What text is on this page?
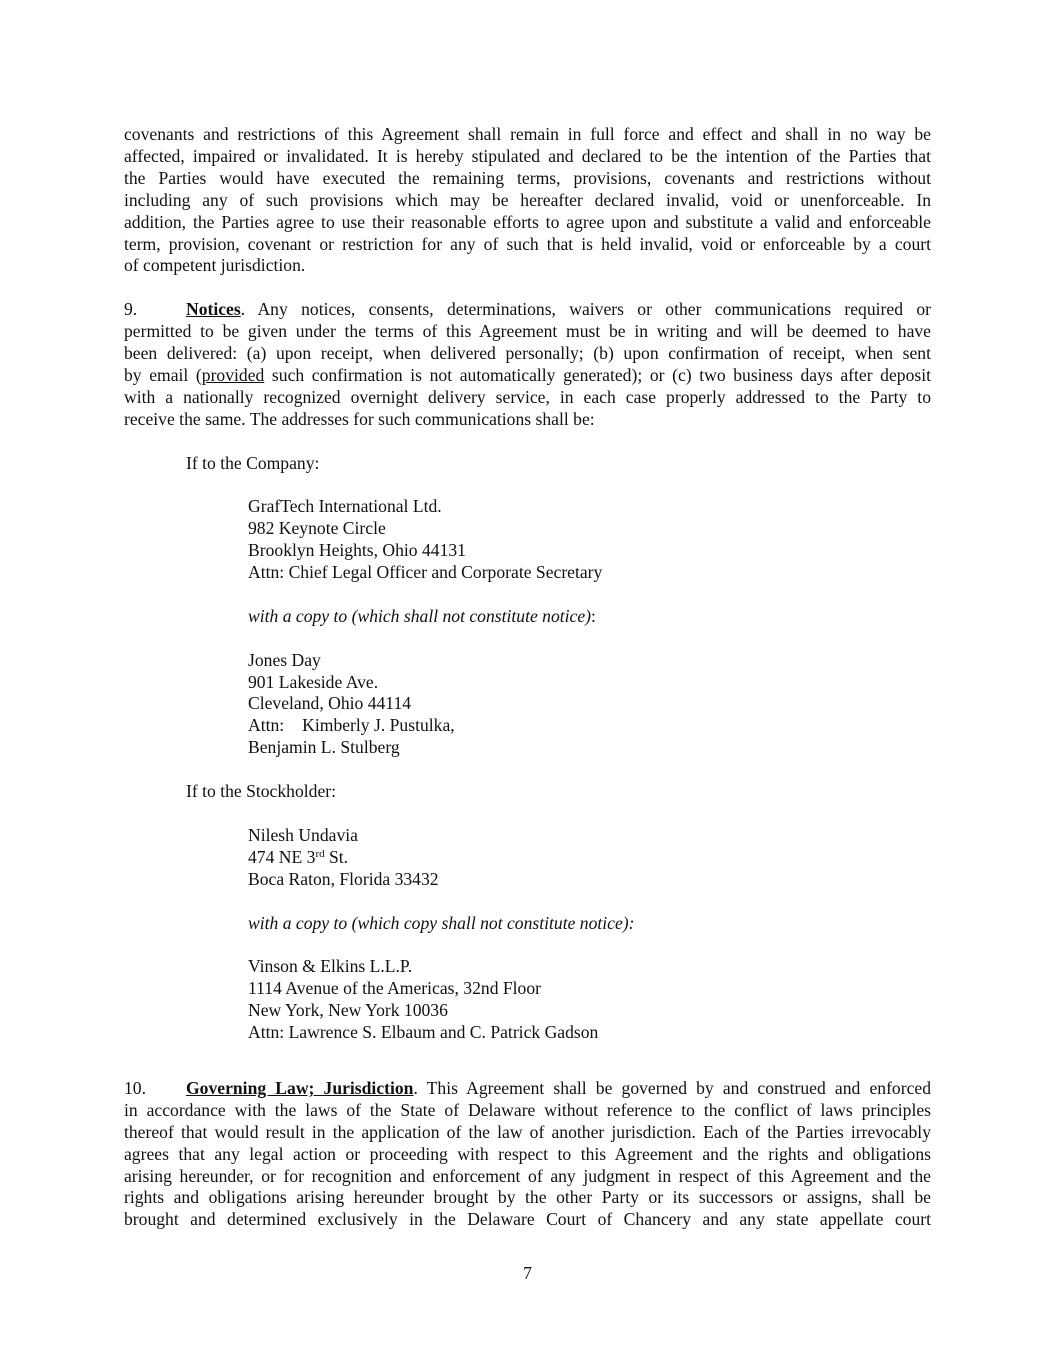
covenants and restrictions of this Agreement shall remain in full force and effect and shall in no way be

affected, impaired or invalidated. It is hereby stipulated and declared to be the intention of the Parties that

the Parties would have executed the remaining terms, provisions, covenants and restrictions without

including any of such provisions which may be hereafter declared invalid, void or unenforceable. In

addition, the Parties agree to use their reasonable efforts to agree upon and substitute a valid and enforceable

term, provision, covenant or restriction for any of such that is held invalid, void or enforceable by a court

of competent jurisdiction.

9.	Notices. Any notices, consents, determinations, waivers or other communications required or

permitted to be given under the terms of this Agreement must be in writing and will be deemed to have

been delivered: (a) upon receipt, when delivered personally; (b) upon confirmation of receipt, when sent

by email (provided such confirmation is not automatically generated); or (c) two business days after deposit

with a nationally recognized overnight delivery service, in each case properly addressed to the Party to

receive the same. The addresses for such communications shall be:

If to the Company:

GrafTech International Ltd.

982 Keynote Circle

Brooklyn Heights, Ohio 44131

Attn: Chief Legal Officer and Corporate Secretary

with a copy to (which shall not constitute notice):

Jones Day

901 Lakeside Ave.

Cleveland, Ohio 44114

Attn: Kimberly J. Pustulka,

Benjamin L. Stulberg

If to the Stockholder:

Nilesh Undavia

474 NE 3rd St.

Boca Raton, Florida 33432

with a copy to (which copy shall not constitute notice):

Vinson & Elkins L.L.P.

1114 Avenue of the Americas, 32nd Floor

New York, New York 10036

Attn: Lawrence S. Elbaum and C. Patrick Gadson

10. Governing Law; Jurisdiction. This Agreement shall be governed by and construed and enforced

in accordance with the laws of the State of Delaware without reference to the conflict of laws principles

thereof that would result in the application of the law of another jurisdiction. Each of the Parties irrevocably

agrees that any legal action or proceeding with respect to this Agreement and the rights and obligations

arising hereunder, or for recognition and enforcement of any judgment in respect of this Agreement and the

rights and obligations arising hereunder brought by the other Party or its successors or assigns, shall be

brought and determined exclusively in the Delaware Court of Chancery and any state appellate court

7
